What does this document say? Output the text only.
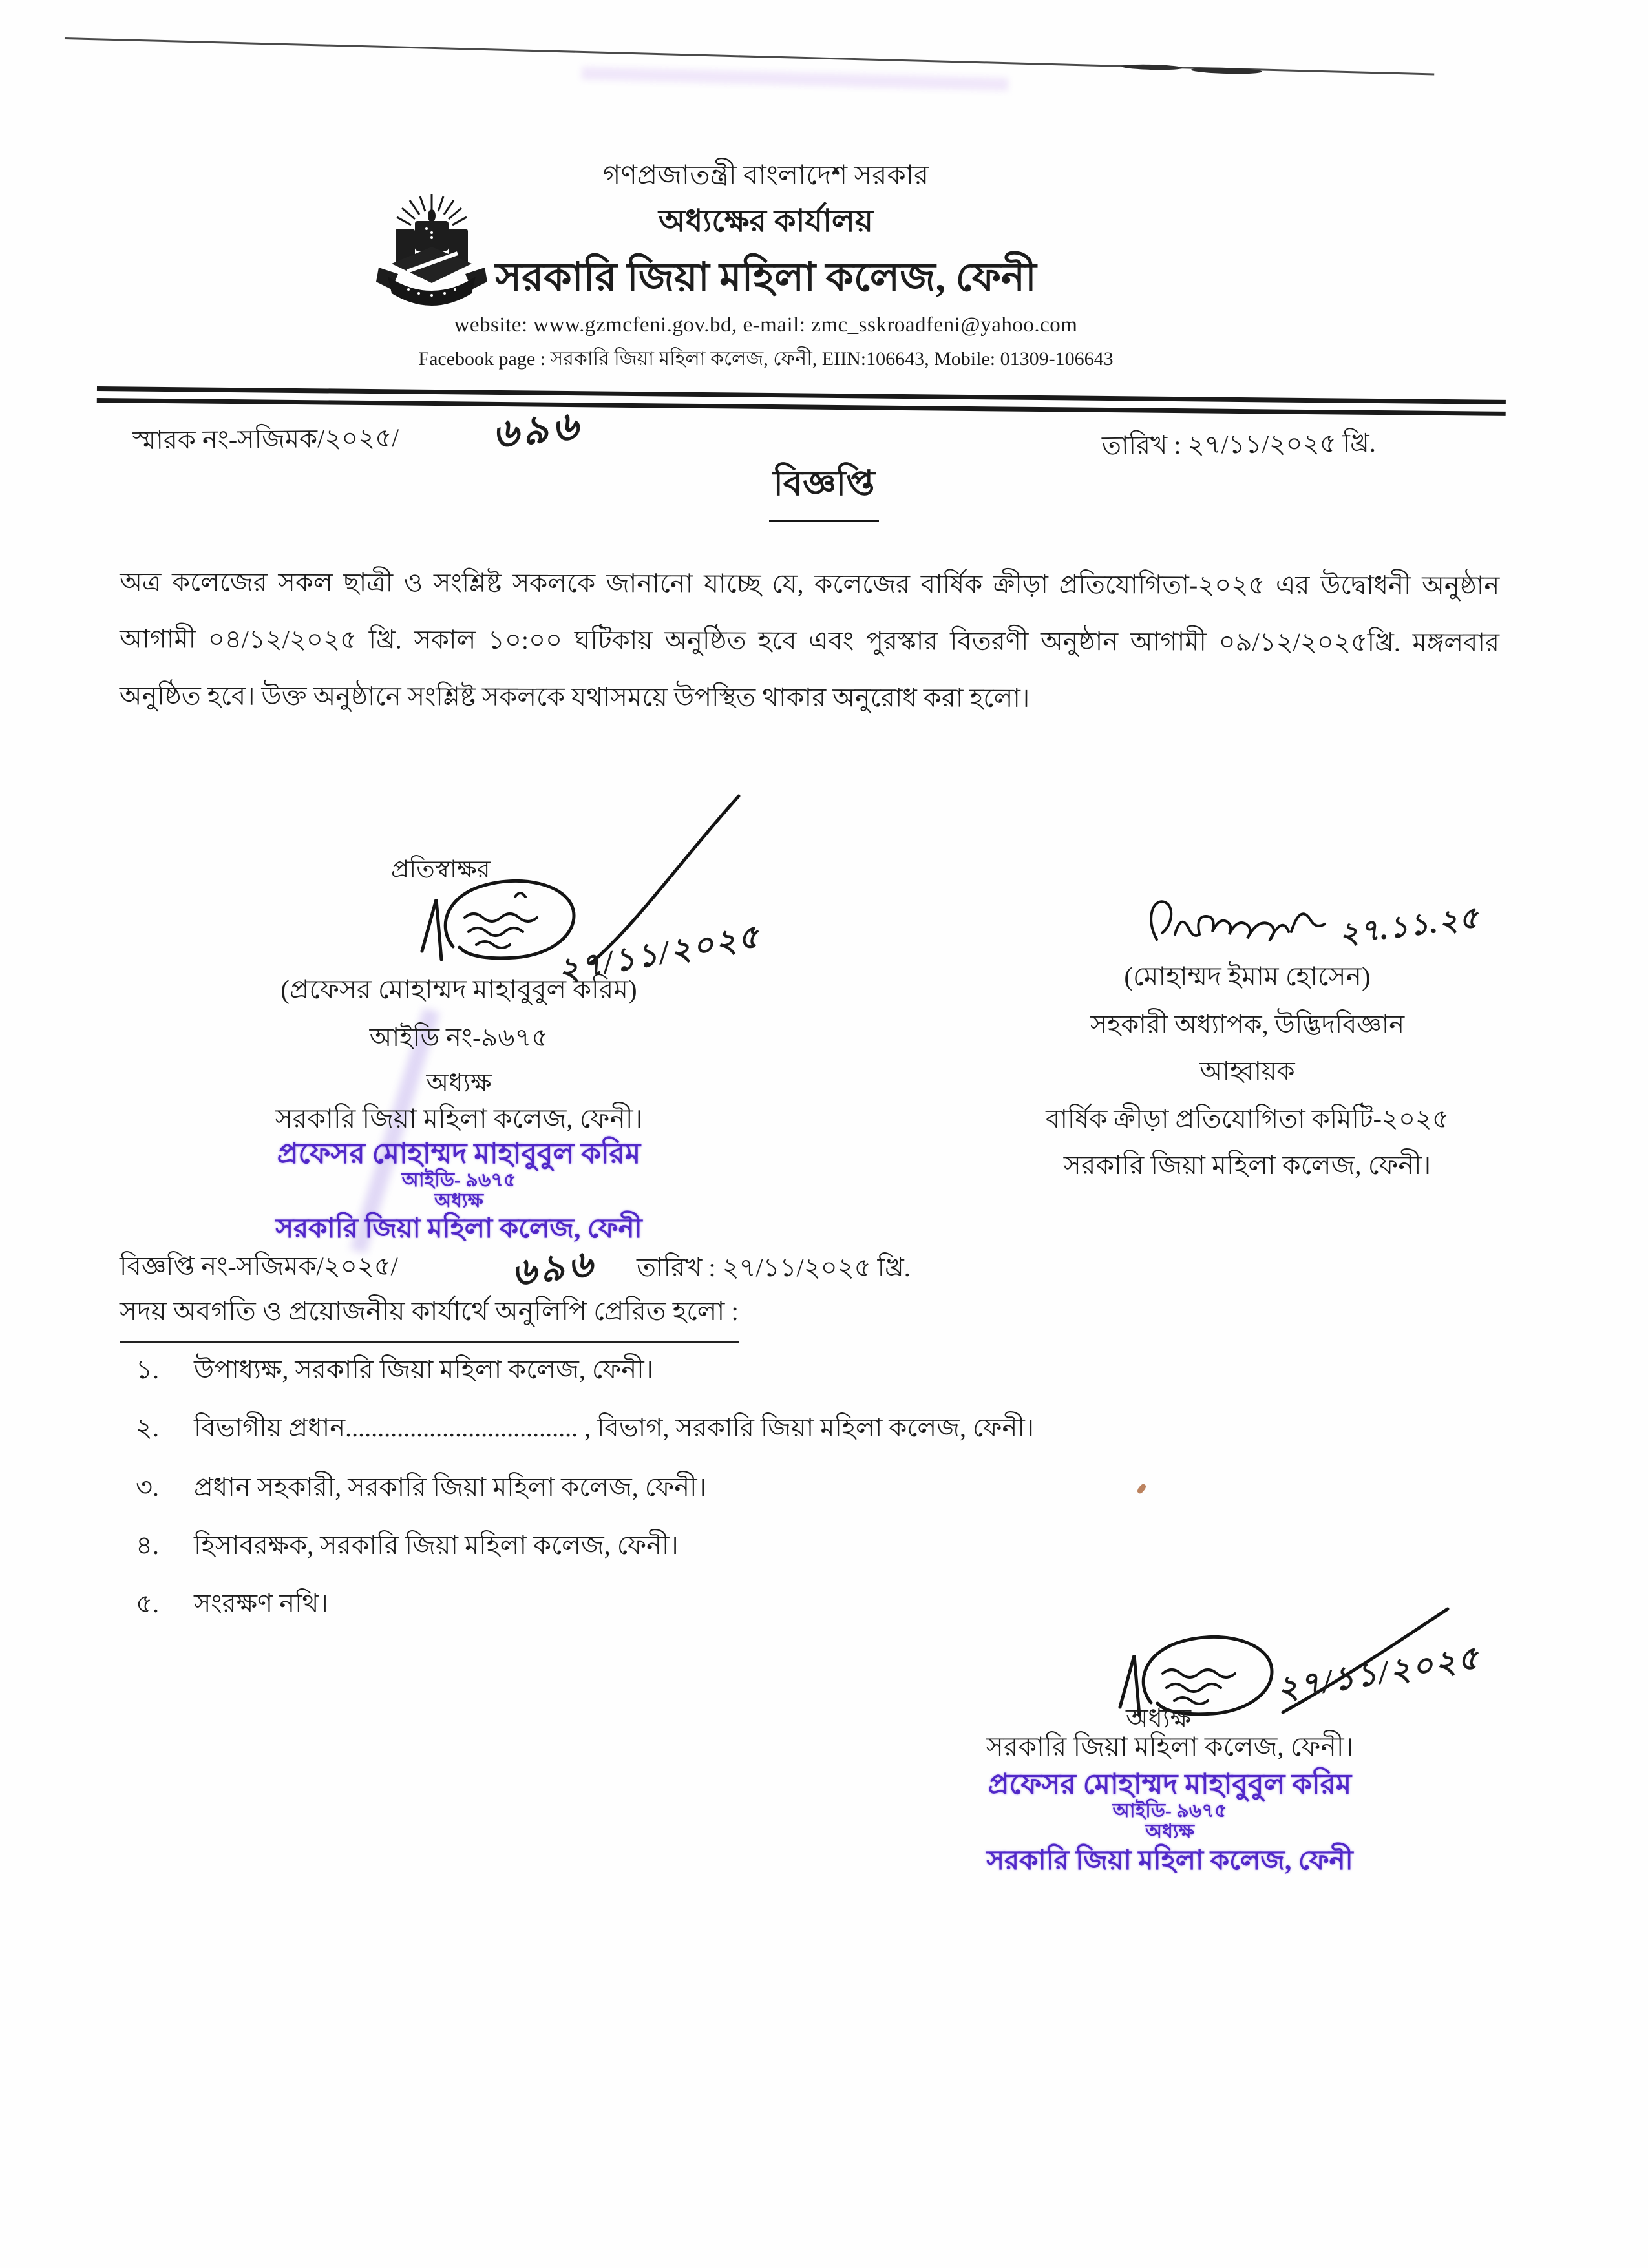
গণপ্রজাতন্ত্রী বাংলাদেশ সরকার
অধ্যক্ষের কার্যালয়
সরকারি জিয়া মহিলা কলেজ, ফেনী
website: www.gzmcfeni.gov.bd, e-mail: zmc_sskroadfeni@yahoo.com
Facebook page : সরকারি জিয়া মহিলা কলেজ, ফেনী, EIIN:106643, Mobile: 01309-106643
স্মারক নং-সজিমক/২০২৫/ ৬৯৬	তারিখ : ২৭/১১/২০২৫ খ্রি.
বিজ্ঞপ্তি
অত্র কলেজের সকল ছাত্রী ও সংশ্লিষ্ট সকলকে জানানো যাচ্ছে যে, কলেজের বার্ষিক ক্রীড়া প্রতিযোগিতা-২০২৫ এর উদ্বোধনী অনুষ্ঠান আগামী ০৪/১২/২০২৫ খ্রি. সকাল ১০:০০ ঘটিকায় অনুষ্ঠিত হবে এবং পুরস্কার বিতরণী অনুষ্ঠান আগামী ০৯/১২/২০২৫খ্রি. মঙ্গলবার অনুষ্ঠিত হবে। উক্ত অনুষ্ঠানে সংশ্লিষ্ট সকলকে যথাসময়ে উপস্থিত থাকার অনুরোধ করা হলো।
প্রতিস্বাক্ষর
২৭/১১/২০২৫
(প্রফেসর মোহাম্মদ মাহাবুবুল করিম)
আইডি নং-৯৬৭৫
অধ্যক্ষ
সরকারি জিয়া মহিলা কলেজ, ফেনী।
প্রফেসর মোহাম্মদ মাহাবুবুল করিম
আইডি- ৯৬৭৫
অধ্যক্ষ
সরকারি জিয়া মহিলা কলেজ, ফেনী
২৭.১১.২৫
(মোহাম্মদ ইমাম হোসেন)
সহকারী অধ্যাপক, উদ্ভিদবিজ্ঞান
আহ্বায়ক
বার্ষিক ক্রীড়া প্রতিযোগিতা কমিটি-২০২৫
সরকারি জিয়া মহিলা কলেজ, ফেনী।
বিজ্ঞপ্তি নং-সজিমক/২০২৫/	৬৯৬ তারিখ : ২৭/১১/২০২৫ খ্রি.
সদয় অবগতি ও প্রয়োজনীয় কার্যার্থে অনুলিপি প্রেরিত হলো :
১.	উপাধ্যক্ষ, সরকারি জিয়া মহিলা কলেজ, ফেনী।
২.	বিভাগীয় প্রধান.................................... , বিভাগ, সরকারি জিয়া মহিলা কলেজ, ফেনী।
৩.	প্রধান সহকারী, সরকারি জিয়া মহিলা কলেজ, ফেনী।
৪.	হিসাবরক্ষক, সরকারি জিয়া মহিলা কলেজ, ফেনী।
৫.	সংরক্ষণ নথি।
২৭/১১/২০২৫
অধ্যক্ষ
সরকারি জিয়া মহিলা কলেজ, ফেনী।
প্রফেসর মোহাম্মদ মাহাবুবুল করিম
আইডি- ৯৬৭৫
অধ্যক্ষ
সরকারি জিয়া মহিলা কলেজ, ফেনী
